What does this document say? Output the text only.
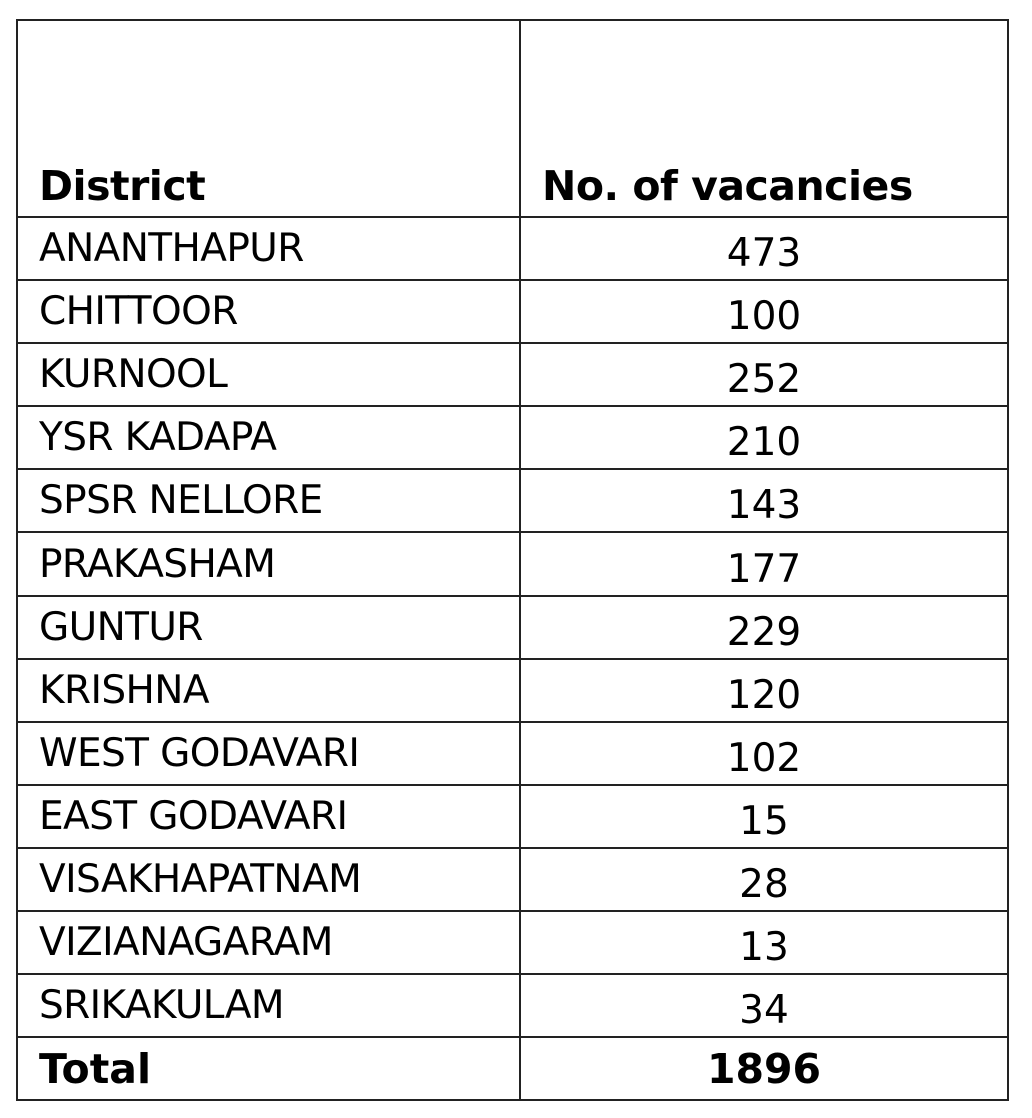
District	No. of vacancies
ANANTHAPUR	473
CHITTOOR	100
KURNOOL	252
YSR KADAPA	210
SPSR NELLORE	143
PRAKASHAM	177
GUNTUR	229
KRISHNA	120
WEST GODAVARI	102
EAST GODAVARI	15
VISAKHAPATNAM	28
VIZIANAGARAM	13
SRIKAKULAM	34
Total	1896
